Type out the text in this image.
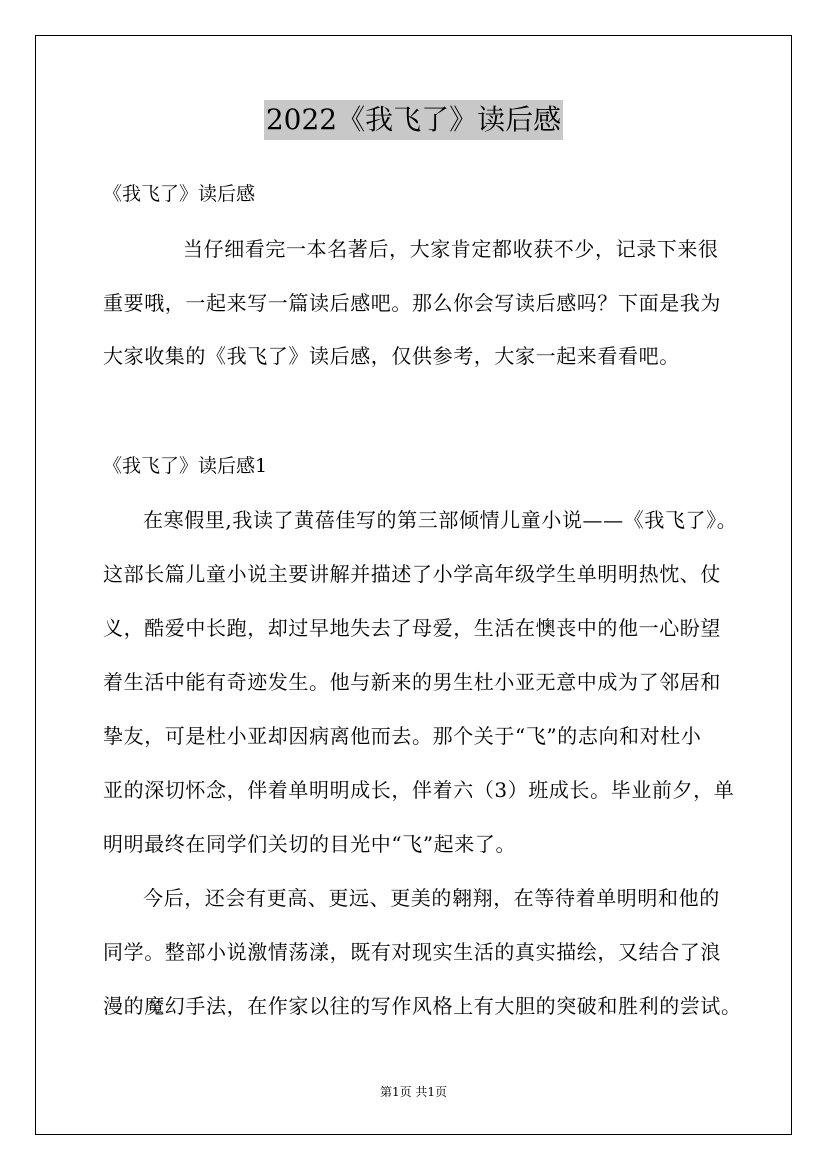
2022《我飞了》读后感
《我飞了》读后感
当仔细看完一本名著后，大家肯定都收获不少，记录下来很
重要哦，一起来写一篇读后感吧。那么你会写读后感吗？下面是我为
大家收集的《我飞了》读后感，仅供参考，大家一起来看看吧。
《我飞了》读后感1
在寒假里,我读了黄蓓佳写的第三部倾情儿童小说——《我飞了》。
这部长篇儿童小说主要讲解并描述了小学高年级学生单明明热忱、仗
义，酷爱中长跑，却过早地失去了母爱，生活在懊丧中的他一心盼望
着生活中能有奇迹发生。他与新来的男生杜小亚无意中成为了邻居和
挚友，可是杜小亚却因病离他而去。那个关于“飞”的志向和对杜小
亚的深切怀念，伴着单明明成长，伴着六（3）班成长。毕业前夕，单
明明最终在同学们关切的目光中“飞”起来了。
今后，还会有更高、更远、更美的翱翔，在等待着单明明和他的
同学。整部小说激情荡漾，既有对现实生活的真实描绘，又结合了浪
漫的魔幻手法，在作家以往的写作风格上有大胆的突破和胜利的尝试。
第1页 共1页
